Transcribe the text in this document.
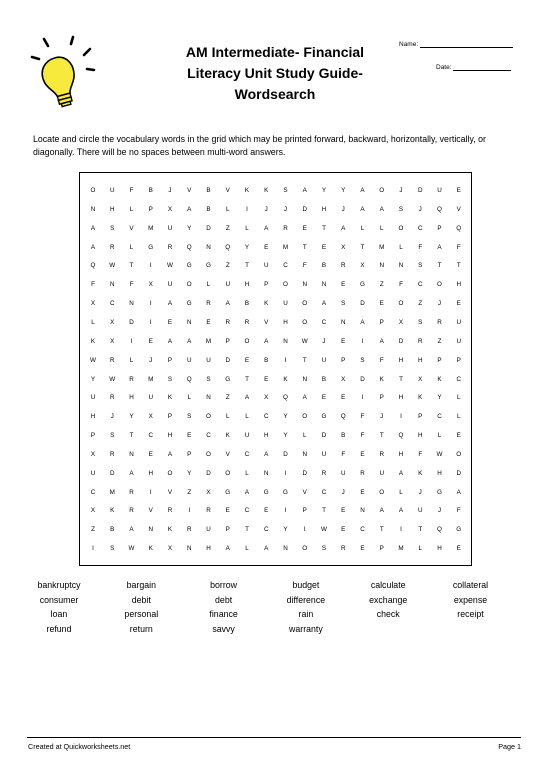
AM Intermediate- Financial
Literacy Unit Study Guide-
Wordsearch
Name:
Date:
Locate and circle the vocabulary words in the grid which may be printed forward, backward, horizontally, vertically, or diagonally. There will be no spaces between multi-word answers.
O	U	F	B	J	V	B	V	K	K	S	A	Y	Y	A	O	J	D	U	E
N	H	L	P	X	A	B	L	I	J	J	D	H	J	A	A	S	J	Q	V
A	S	V	M	U	Y	D	Z	L	A	R	E	T	A	L	L	O	C	P	Q
A	R	L	G	R	Q	N	Q	Y	E	M	T	E	X	T	M	L	F	A	F
Q	W	T	I	W	G	G	Z	T	U	C	F	B	R	X	N	N	S	T	T
F	N	F	X	U	O	L	U	H	P	O	N	N	E	G	Z	F	C	O	H
X	C	N	I	A	G	R	A	B	K	U	O	A	S	D	E	O	Z	J	E
L	X	D	I	E	N	E	R	R	V	H	O	C	N	A	P	X	S	R	U
K	X	I	E	A	A	M	P	O	A	N	W	J	E	I	A	D	R	Z	U
W	R	L	J	P	U	U	D	E	B	I	T	U	P	S	F	H	H	P	P
Y	W	R	M	S	Q	S	G	T	E	K	N	B	X	D	K	T	X	K	C
U	R	H	U	K	L	N	Z	A	X	Q	A	E	E	I	P	H	K	Y	L
H	J	Y	X	P	S	O	L	L	C	Y	O	G	Q	F	J	I	P	C	L
P	S	T	C	H	E	C	K	U	H	Y	L	D	B	F	T	Q	H	L	E
X	R	N	E	A	P	O	V	C	A	D	N	U	F	E	R	H	F	W	O
U	D	A	H	O	Y	D	O	L	N	I	D	R	U	R	U	A	K	H	D
C	M	R	I	V	Z	X	G	A	G	G	V	C	J	E	O	L	J	G	A
X	K	R	V	R	I	R	E	C	E	I	P	T	E	N	A	A	U	J	F
Z	B	A	N	K	R	U	P	T	C	Y	I	W	E	C	T	I	T	Q	G
I	S	W	K	X	N	H	A	L	A	N	O	S	R	E	P	M	L	H	E
bankruptcy	bargain	borrow	budget	calculate	collateral
consumer	debit	debt	difference	exchange	expense
loan	personal	finance	rain	check	receipt
refund	return	savvy	warranty
Created at Quickworksheets.net	Page 1
